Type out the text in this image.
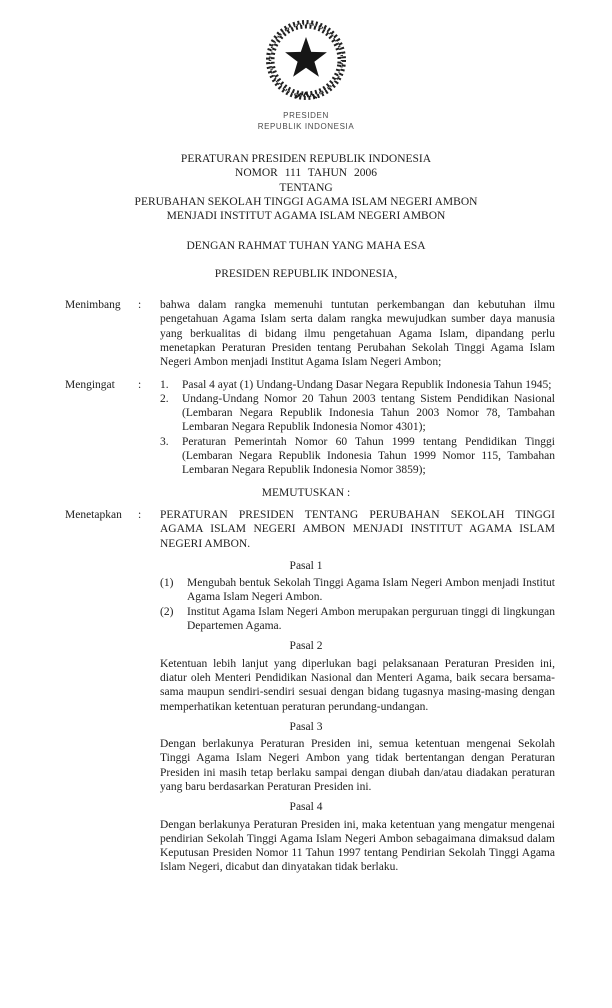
PRESIDEN
REPUBLIK INDONESIA
PERATURAN PRESIDEN REPUBLIK INDONESIA
NOMOR 111 TAHUN 2006
TENTANG
PERUBAHAN SEKOLAH TINGGI AGAMA ISLAM NEGERI AMBON
MENJADI INSTITUT AGAMA ISLAM NEGERI AMBON
DENGAN RAHMAT TUHAN YANG MAHA ESA
PRESIDEN REPUBLIK INDONESIA,
Menimbang	:	bahwa dalam rangka memenuhi tuntutan perkembangan dan kebutuhan ilmu pengetahuan Agama Islam serta dalam rangka mewujudkan sumber daya manusia yang berkualitas di bidang ilmu pengetahuan Agama Islam, dipandang perlu menetapkan Peraturan Presiden tentang Perubahan Sekolah Tinggi Agama Islam Negeri Ambon menjadi Institut Agama Islam Negeri Ambon;
Mengingat	:	1.	Pasal 4 ayat (1) Undang-Undang Dasar Negara Republik Indonesia Tahun 1945;
2.	Undang-Undang Nomor 20 Tahun 2003 tentang Sistem Pendidikan Nasional (Lembaran Negara Republik Indonesia Tahun 2003 Nomor 78, Tambahan Lembaran Negara Republik Indonesia Nomor 4301);
3.	Peraturan Pemerintah Nomor 60 Tahun 1999 tentang Pendidikan Tinggi (Lembaran Negara Republik Indonesia Tahun 1999 Nomor 115, Tambahan Lembaran Negara Republik Indonesia Nomor 3859);
MEMUTUSKAN :
Menetapkan	:	PERATURAN PRESIDEN TENTANG PERUBAHAN SEKOLAH TINGGI AGAMA ISLAM NEGERI AMBON MENJADI INSTITUT AGAMA ISLAM NEGERI AMBON.
Pasal 1
(1)	Mengubah bentuk Sekolah Tinggi Agama Islam Negeri Ambon menjadi Institut Agama Islam Negeri Ambon.
(2)	Institut Agama Islam Negeri Ambon merupakan perguruan tinggi di lingkungan Departemen Agama.
Pasal 2
Ketentuan lebih lanjut yang diperlukan bagi pelaksanaan Peraturan Presiden ini, diatur oleh Menteri Pendidikan Nasional dan Menteri Agama, baik secara bersama-sama maupun sendiri-sendiri sesuai dengan bidang tugasnya masing-masing dengan memperhatikan ketentuan peraturan perundang-undangan.
Pasal 3
Dengan berlakunya Peraturan Presiden ini, semua ketentuan mengenai Sekolah Tinggi Agama Islam Negeri Ambon yang tidak bertentangan dengan Peraturan Presiden ini masih tetap berlaku sampai dengan diubah dan/atau diadakan peraturan yang baru berdasarkan Peraturan Presiden ini.
Pasal 4
Dengan berlakunya Peraturan Presiden ini, maka ketentuan yang mengatur mengenai pendirian Sekolah Tinggi Agama Islam Negeri Ambon sebagaimana dimaksud dalam Keputusan Presiden Nomor 11 Tahun 1997 tentang Pendirian Sekolah Tinggi Agama Islam Negeri, dicabut dan dinyatakan tidak berlaku.
